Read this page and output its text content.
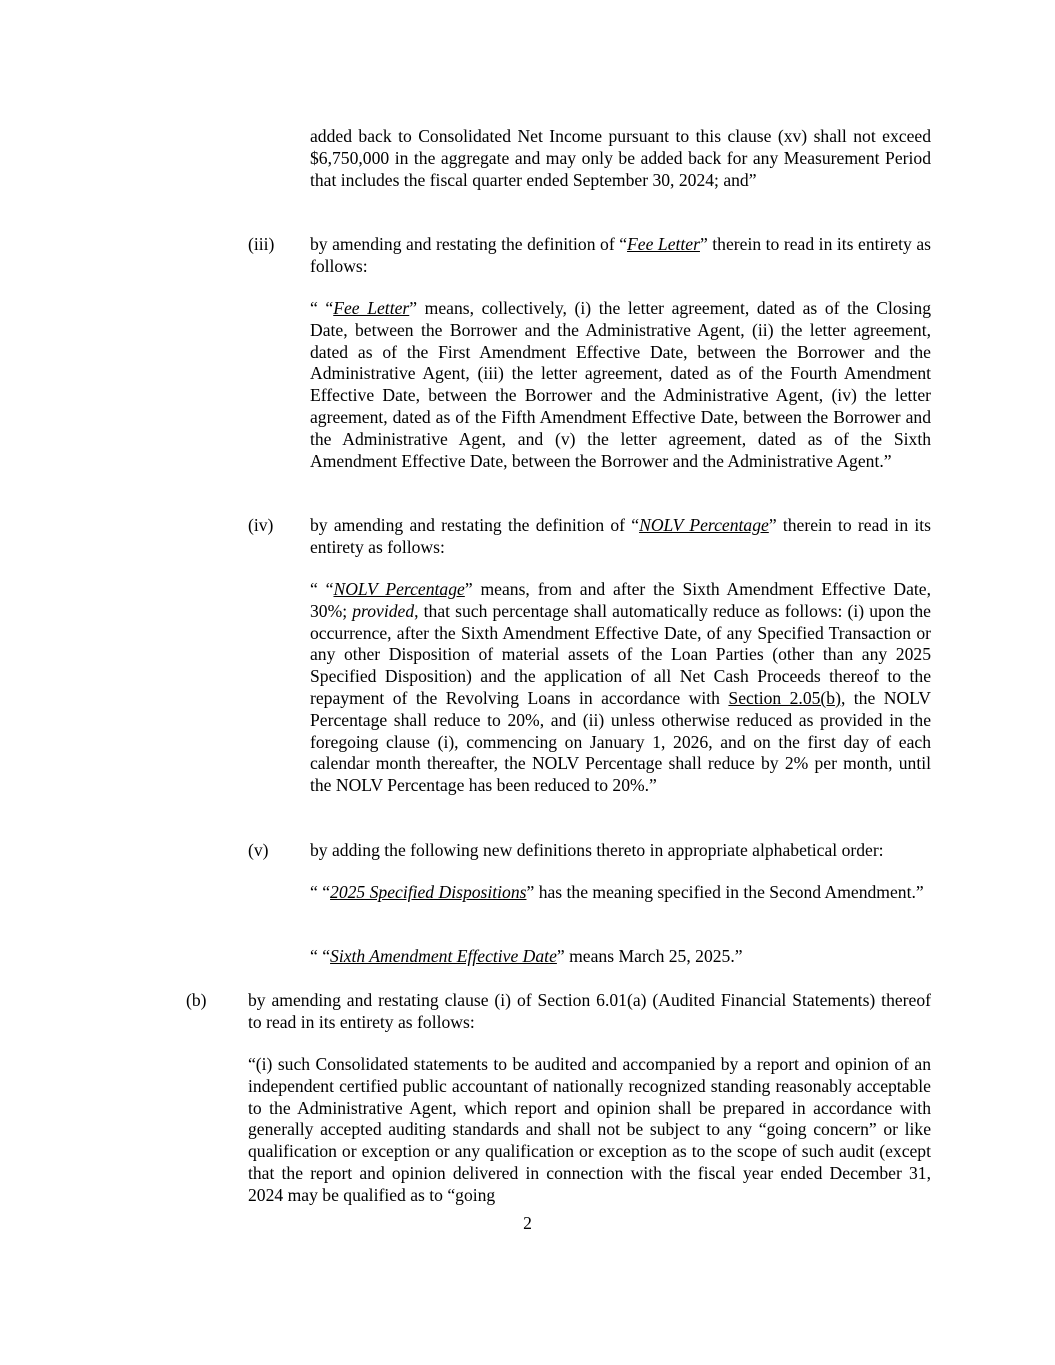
added back to Consolidated Net Income pursuant to this clause (xv) shall not exceed $6,750,000 in the aggregate and may only be added back for any Measurement Period that includes the fiscal quarter ended September 30, 2024; and”

(iii) by amending and restating the definition of “Fee Letter” therein to read in its entirety as follows:

“ “Fee Letter” means, collectively, (i) the letter agreement, dated as of the Closing Date, between the Borrower and the Administrative Agent, (ii) the letter agreement, dated as of the First Amendment Effective Date, between the Borrower and the Administrative Agent, (iii) the letter agreement, dated as of the Fourth Amendment Effective Date, between the Borrower and the Administrative Agent, (iv) the letter agreement, dated as of the Fifth Amendment Effective Date, between the Borrower and the Administrative Agent, and (v) the letter agreement, dated as of the Sixth Amendment Effective Date, between the Borrower and the Administrative Agent.”

(iv) by amending and restating the definition of “NOLV Percentage” therein to read in its entirety as follows:

“ “NOLV Percentage” means, from and after the Sixth Amendment Effective Date, 30%; provided, that such percentage shall automatically reduce as follows: (i) upon the occurrence, after the Sixth Amendment Effective Date, of any Specified Transaction or any other Disposition of material assets of the Loan Parties (other than any 2025 Specified Disposition) and the application of all Net Cash Proceeds thereof to the repayment of the Revolving Loans in accordance with Section 2.05(b), the NOLV Percentage shall reduce to 20%, and (ii) unless otherwise reduced as provided in the foregoing clause (i), commencing on January 1, 2026, and on the first day of each calendar month thereafter, the NOLV Percentage shall reduce by 2% per month, until the NOLV Percentage has been reduced to 20%.”

(v) by adding the following new definitions thereto in appropriate alphabetical order:

“ “2025 Specified Dispositions” has the meaning specified in the Second Amendment.”

“ “Sixth Amendment Effective Date” means March 25, 2025.”

(b) by amending and restating clause (i) of Section 6.01(a) (Audited Financial Statements) thereof to read in its entirety as follows:

“(i) such Consolidated statements to be audited and accompanied by a report and opinion of an independent certified public accountant of nationally recognized standing reasonably acceptable to the Administrative Agent, which report and opinion shall be prepared in accordance with generally accepted auditing standards and shall not be subject to any “going concern” or like qualification or exception or any qualification or exception as to the scope of such audit (except that the report and opinion delivered in connection with the fiscal year ended December 31, 2024 may be qualified as to “going

2
